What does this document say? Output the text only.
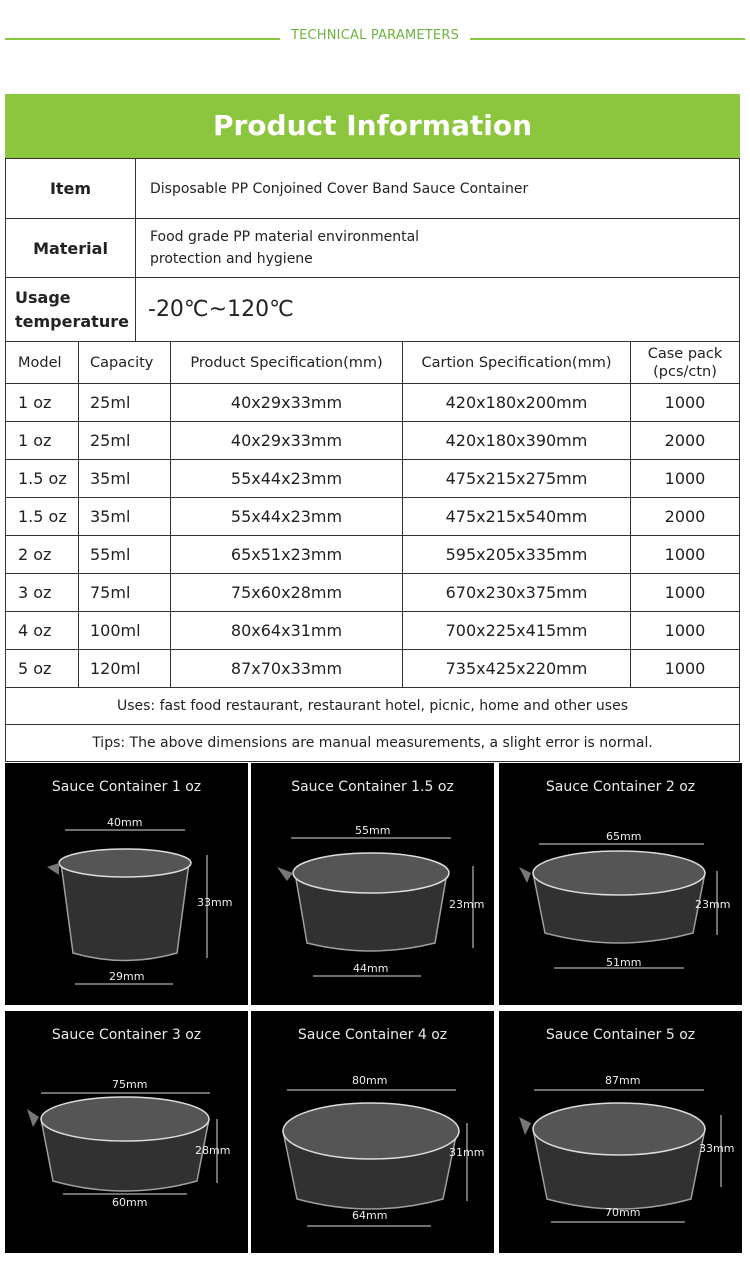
TECHNICAL PARAMETERS
Product Information
Item	Disposable PP Conjoined Cover Band Sauce Container
Material	Food grade PP material environmental
protection and hygiene

Usage
temperature	-20℃~120℃
Model	Capacity	Product Specification(mm)	Cartion Specification(mm)	Case pack
(pcs/ctn)

1 oz	25ml	40x29x33mm	420x180x200mm	1000
1 oz	25ml	40x29x33mm	420x180x390mm	2000
1.5 oz	35ml	55x44x23mm	475x215x275mm	1000
1.5 oz	35ml	55x44x23mm	475x215x540mm	2000
2 oz	55ml	65x51x23mm	595x205x335mm	1000
3 oz	75ml	75x60x28mm	670x230x375mm	1000
4 oz	100ml	80x64x31mm	700x225x415mm	1000
5 oz	120ml	87x70x33mm	735x425x220mm	1000
Uses: fast food restaurant, restaurant hotel, picnic, home and other uses				
Tips: The above dimensions are manual measurements, a slight error is normal.				
Sauce Container 1 oz
40mm
29mm
33mm
Sauce Container 1.5 oz
55mm
44mm
23mm
Sauce Container 2 oz
65mm
51mm
23mm
Sauce Container 3 oz
75mm
60mm
28mm
Sauce Container 4 oz
80mm
64mm
31mm
Sauce Container 5 oz
87mm
70mm
33mm
